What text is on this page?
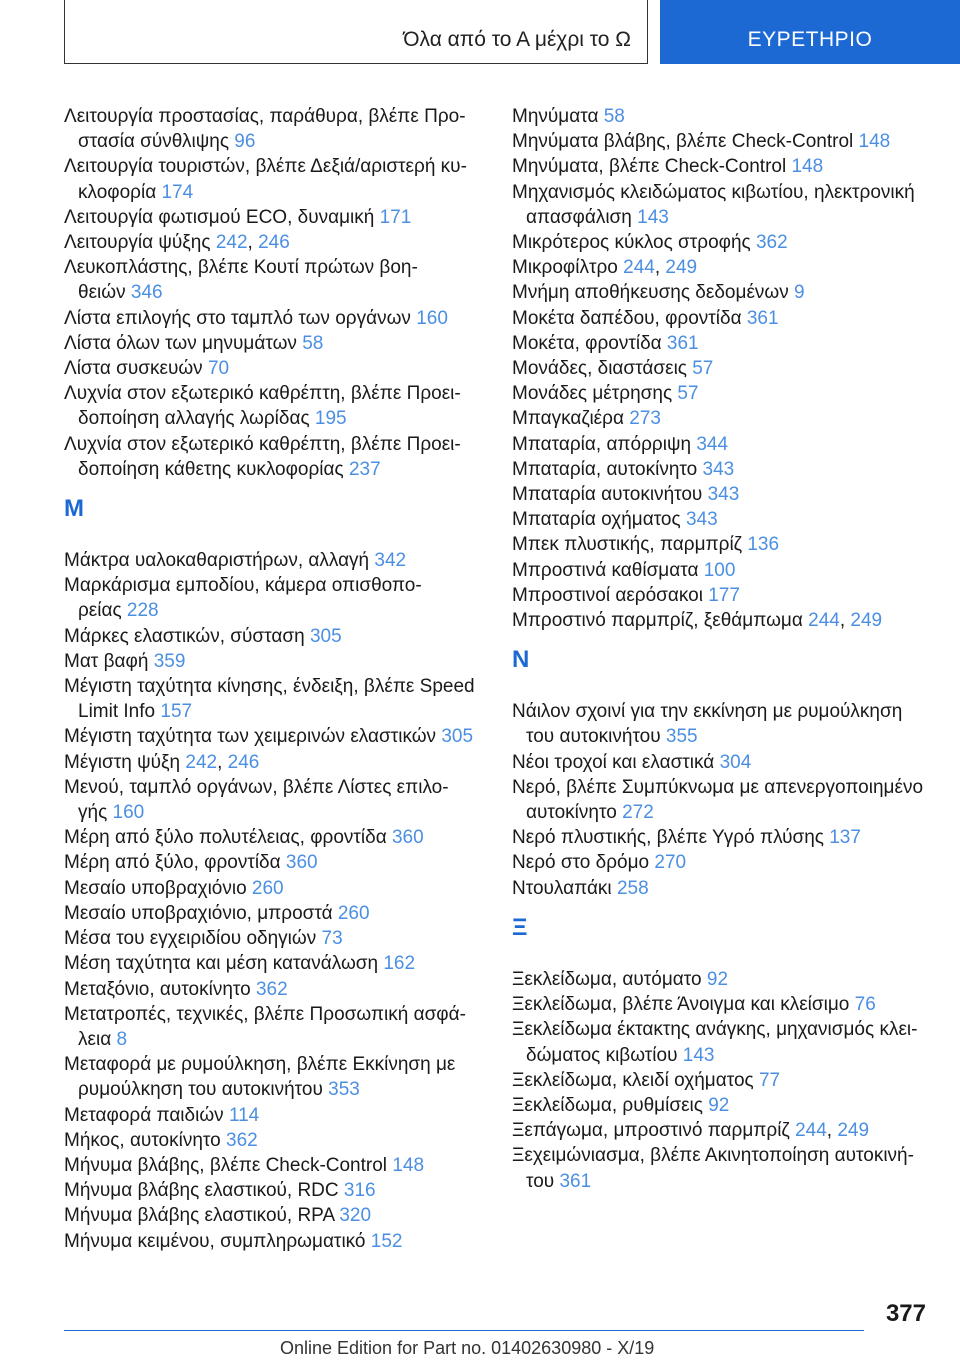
Όλα από το Α μέχρι το Ω	ΕΥΡΕΤΗΡΙΟ
Λειτουργία προστασίας, παράθυρα, βλέπε Προ-
στασία σύνθλιψης 96
Λειτουργία τουριστών, βλέπε Δεξιά/αριστερή κυ-
κλοφορία 174
Λειτουργία φωτισμού ECO, δυναμική 171
Λειτουργία ψύξης 242, 246
Λευκοπλάστης, βλέπε Κουτί πρώτων βοη-
θειών 346
Λίστα επιλογής στο ταμπλό των οργάνων 160
Λίστα όλων των μηνυμάτων 58
Λίστα συσκευών 70
Λυχνία στον εξωτερικό καθρέπτη, βλέπε Προει-
δοποίηση αλλαγής λωρίδας 195
Λυχνία στον εξωτερικό καθρέπτη, βλέπε Προει-
δοποίηση κάθετης κυκλοφορίας 237
M
Μάκτρα υαλοκαθαριστήρων, αλλαγή 342
Μαρκάρισμα εμποδίου, κάμερα οπισθοπο-
ρείας 228
Μάρκες ελαστικών, σύσταση 305
Ματ βαφή 359
Μέγιστη ταχύτητα κίνησης, ένδειξη, βλέπε Speed
Limit Info 157
Μέγιστη ταχύτητα των χειμερινών ελαστικών 305
Μέγιστη ψύξη 242, 246
Μενού, ταμπλό οργάνων, βλέπε Λίστες επιλο-
γής 160
Μέρη από ξύλο πολυτέλειας, φροντίδα 360
Μέρη από ξύλο, φροντίδα 360
Μεσαίο υποβραχιόνιο 260
Μεσαίο υποβραχιόνιο, μπροστά 260
Μέσα του εγχειριδίου οδηγιών 73
Μέση ταχύτητα και μέση κατανάλωση 162
Μεταξόνιο, αυτοκίνητο 362
Μετατροπές, τεχνικές, βλέπε Προσωπική ασφά-
λεια 8
Μεταφορά με ρυμούλκηση, βλέπε Εκκίνηση με
ρυμούλκηση του αυτοκινήτου 353
Μεταφορά παιδιών 114
Μήκος, αυτοκίνητο 362
Μήνυμα βλάβης, βλέπε Check-Control 148
Μήνυμα βλάβης ελαστικού, RDC 316
Μήνυμα βλάβης ελαστικού, RPA 320
Μήνυμα κειμένου, συμπληρωματικό 152
Μηνύματα 58
Μηνύματα βλάβης, βλέπε Check-Control 148
Μηνύματα, βλέπε Check-Control 148
Μηχανισμός κλειδώματος κιβωτίου, ηλεκτρονική
απασφάλιση 143
Μικρότερος κύκλος στροφής 362
Μικροφίλτρο 244, 249
Μνήμη αποθήκευσης δεδομένων 9
Μοκέτα δαπέδου, φροντίδα 361
Μοκέτα, φροντίδα 361
Μονάδες, διαστάσεις 57
Μονάδες μέτρησης 57
Μπαγκαζιέρα 273
Μπαταρία, απόρριψη 344
Μπαταρία, αυτοκίνητο 343
Μπαταρία αυτοκινήτου 343
Μπαταρία οχήματος 343
Μπεκ πλυστικής, παρμπρίζ 136
Μπροστινά καθίσματα 100
Μπροστινοί αερόσακοι 177
Μπροστινό παρμπρίζ, ξεθάμπωμα 244, 249
N
Νάιλον σχοινί για την εκκίνηση με ρυμούλκηση
του αυτοκινήτου 355
Νέοι τροχοί και ελαστικά 304
Νερό, βλέπε Συμπύκνωμα με απενεργοποιημένο
αυτοκίνητο 272
Νερό πλυστικής, βλέπε Υγρό πλύσης 137
Νερό στο δρόμο 270
Ντουλαπάκι 258
Ξ
Ξεκλείδωμα, αυτόματο 92
Ξεκλείδωμα, βλέπε Άνοιγμα και κλείσιμο 76
Ξεκλείδωμα έκτακτης ανάγκης, μηχανισμός κλει-
δώματος κιβωτίου 143
Ξεκλείδωμα, κλειδί οχήματος 77
Ξεκλείδωμα, ρυθμίσεις 92
Ξεπάγωμα, μπροστινό παρμπρίζ 244, 249
Ξεχειμώνιασμα, βλέπε Ακινητοποίηση αυτοκινή-
του 361
377
Online Edition for Part no. 01402630980 - X/19
